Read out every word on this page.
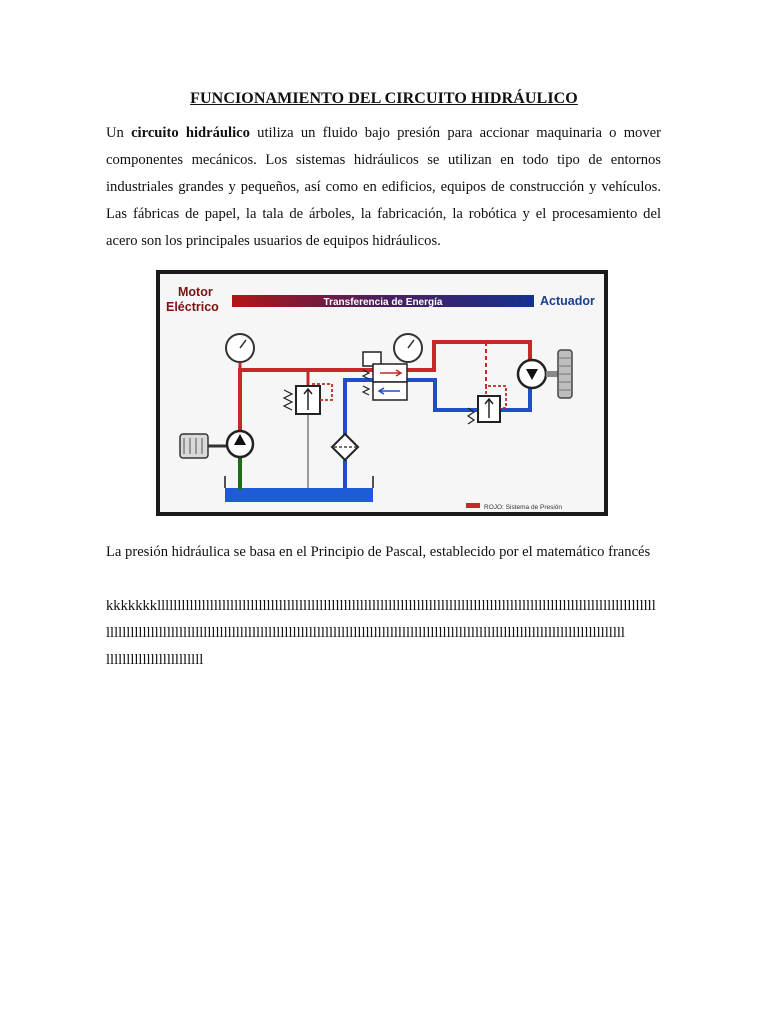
FUNCIONAMIENTO DEL CIRCUITO HIDRÁULICO
Un circuito hidráulico utiliza un fluido bajo presión para accionar maquinaria o mover componentes mecánicos. Los sistemas hidráulicos se utilizan en todo tipo de entornos industriales grandes y pequeños, así como en edificios, equipos de construcción y vehículos. Las fábricas de papel, la tala de árboles, la fabricación, la robótica y el procesamiento del acero son los principales usuarios de equipos hidráulicos.
Motor
Eléctrico	Transferencia de Energía	Actuador
ROJO: Sistema de Presión
La presión hidráulica se basa en el Principio de Pascal, establecido por el matemático francés
kkkkkkklllllllllllllllllllllllllllllllllllllllllllllllllllllllllllllllllllllllllllllllllllllllllllllllllllllllllllllllllllllllllll
llllllllllllllllllllllllllllllllllllllllllllllllllllllllllllllllllllllllllllllllllllllllllllllllllllllllllllllllllllllllllllllll
llllllllllllllllllllllll
